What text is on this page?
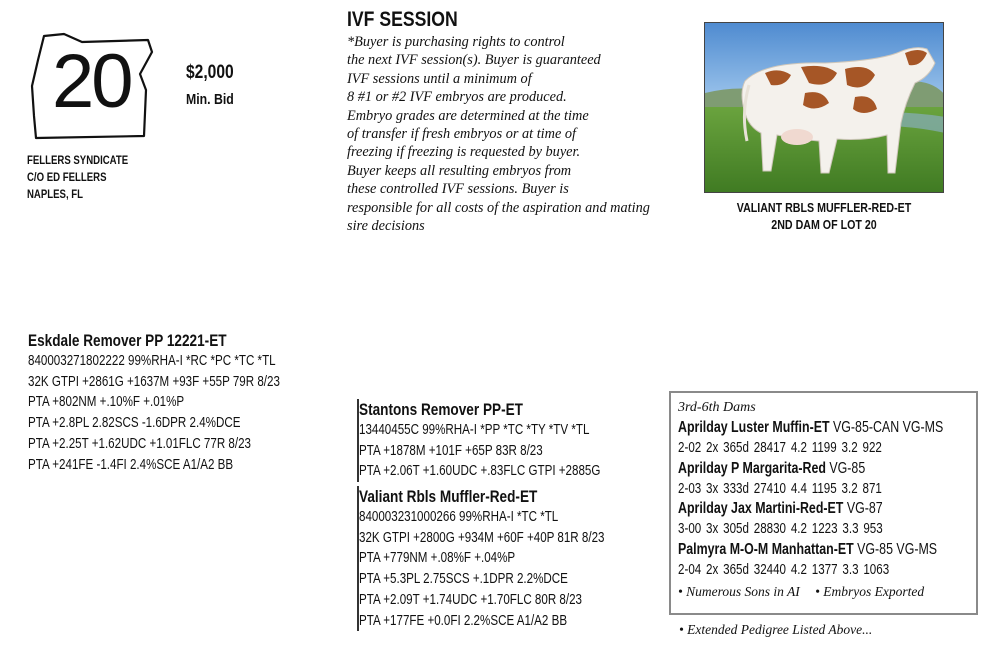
20	$2,000
Min. Bid
FELLERS SYNDICATE
C/O ED FELLERS
NAPLES, FL
IVF SESSION
*Buyer is purchasing rights to control
the next IVF session(s). Buyer is guaranteed
IVF sessions until a minimum of
8 #1 or #2 IVF embryos are produced.
Embryo grades are determined at the time
of transfer if fresh embryos or at time of
freezing if freezing is requested by buyer.
Buyer keeps all resulting embryos from
these controlled IVF sessions. Buyer is
responsible for all costs of the aspiration and mating
sire decisions
VALIANT RBLS MUFFLER-RED-ET
2ND DAM OF LOT 20
Eskdale Remover PP 12221-ET
840003271802222 99%RHA-I *RC *PC *TC *TL
32K GTPI +2861G +1637M +93F +55P 79R 8/23
PTA +802NM +.10%F +.01%P
PTA +2.8PL 2.82SCS -1.6DPR 2.4%DCE
PTA +2.25T +1.62UDC +1.01FLC 77R 8/23
PTA +241FE -1.4FI 2.4%SCE A1/A2 BB
Stantons Remover PP-ET
13440455C 99%RHA-I *PP *TC *TY *TV *TL
PTA +1878M +101F +65P 83R 8/23
PTA +2.06T +1.60UDC +.83FLC GTPI +2885G
Valiant Rbls Muffler-Red-ET
840003231000266 99%RHA-I *TC *TL
32K GTPI +2800G +934M +60F +40P 81R 8/23
PTA +779NM +.08%F +.04%P
PTA +5.3PL 2.75SCS +.1DPR 2.2%DCE
PTA +2.09T +1.74UDC +1.70FLC 80R 8/23
PTA +177FE +0.0FI 2.2%SCE A1/A2 BB
3rd-6th Dams
Aprilday Luster Muffin-ET VG-85-CAN VG-MS
2-02 2x 365d 28417 4.2 1199 3.2 922
Aprilday P Margarita-Red VG-85
2-03 3x 333d 27410 4.4 1195 3.2 871
Aprilday Jax Martini-Red-ET VG-87
3-00 3x 305d 28830 4.2 1223 3.3 953
Palmyra M-O-M Manhattan-ET VG-85 VG-MS
2-04 2x 365d 32440 4.2 1377 3.3 1063
• Numerous Sons in AI • Embryos Exported
• Extended Pedigree Listed Above...
